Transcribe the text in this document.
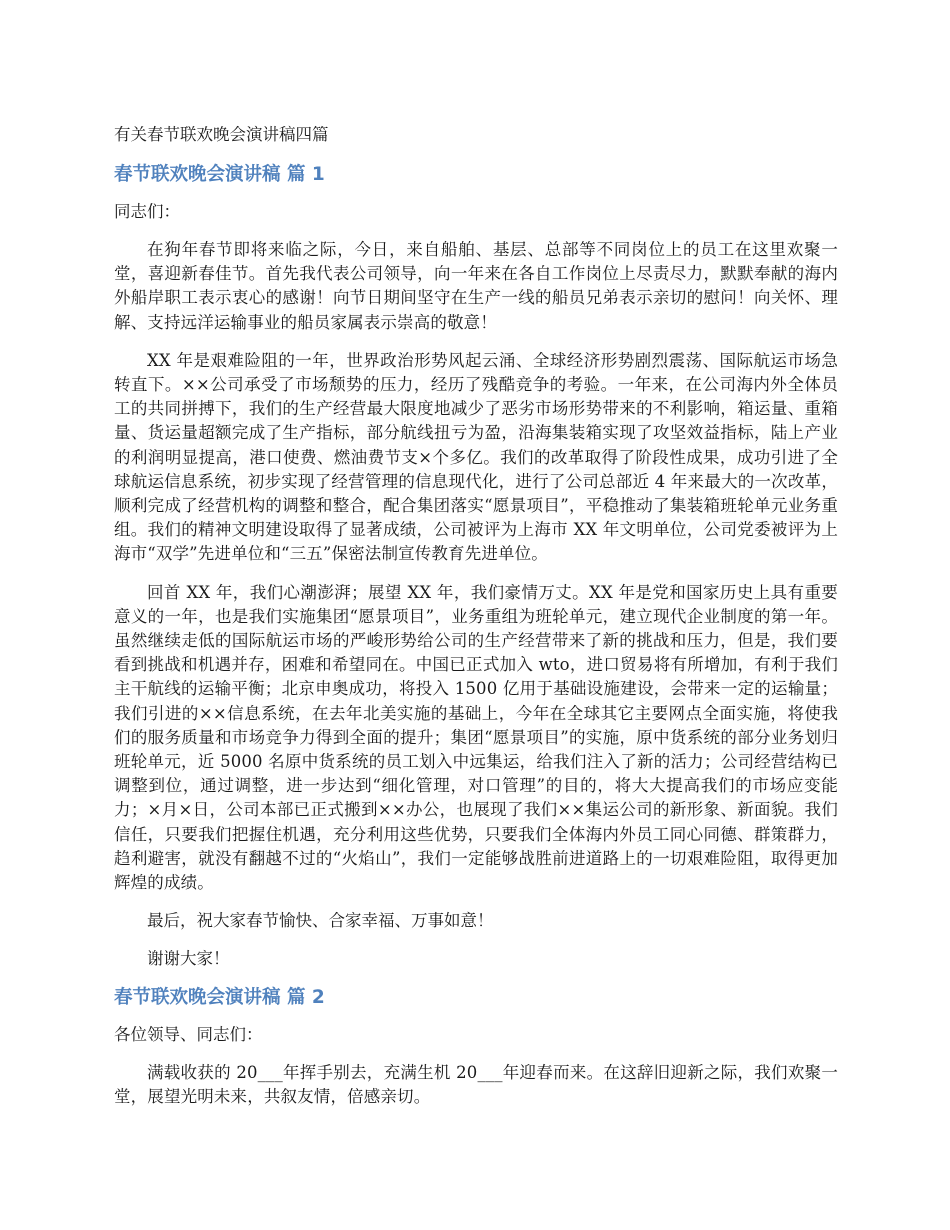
有关春节联欢晚会演讲稿四篇
春节联欢晚会演讲稿 篇 1
同志们：

在狗年春节即将来临之际，今日，来自船舶、基层、总部等不同岗位上的员工在这里欢聚一堂，喜迎新春佳节。首先我代表公司领导，向一年来在各自工作岗位上尽责尽力，默默奉献的海内外船岸职工表示衷心的感谢！向节日期间坚守在生产一线的船员兄弟表示亲切的慰问！向关怀、理解、支持远洋运输事业的船员家属表示崇高的敬意！

XX 年是艰难险阻的一年，世界政治形势风起云涌、全球经济形势剧烈震荡、国际航运市场急转直下。××公司承受了市场颓势的压力，经历了残酷竞争的考验。一年来，在公司海内外全体员工的共同拼搏下，我们的生产经营最大限度地减少了恶劣市场形势带来的不利影响，箱运量、重箱量、货运量超额完成了生产指标，部分航线扭亏为盈，沿海集装箱实现了攻坚效益指标，陆上产业的利润明显提高，港口使费、燃油费节支×个多亿。我们的改革取得了阶段性成果，成功引进了全球航运信息系统，初步实现了经营管理的信息现代化，进行了公司总部近 4 年来最大的一次改革，顺利完成了经营机构的调整和整合，配合集团落实“愿景项目”，平稳推动了集装箱班轮单元业务重组。我们的精神文明建设取得了显著成绩，公司被评为上海市 XX 年文明单位，公司党委被评为上海市“双学”先进单位和“三五”保密法制宣传教育先进单位。

回首 XX 年，我们心潮澎湃；展望 XX 年，我们豪情万丈。XX 年是党和国家历史上具有重要意义的一年，也是我们实施集团“愿景项目”，业务重组为班轮单元，建立现代企业制度的第一年。虽然继续走低的国际航运市场的严峻形势给公司的生产经营带来了新的挑战和压力，但是，我们要看到挑战和机遇并存，困难和希望同在。中国已正式加入 wto，进口贸易将有所增加，有利于我们主干航线的运输平衡；北京申奥成功，将投入 1500 亿用于基础设施建设，会带来一定的运输量；我们引进的××信息系统，在去年北美实施的基础上，今年在全球其它主要网点全面实施，将使我们的服务质量和市场竞争力得到全面的提升；集团“愿景项目”的实施，原中货系统的部分业务划归班轮单元，近 5000 名原中货系统的员工划入中远集运，给我们注入了新的活力；公司经营结构已调整到位，通过调整，进一步达到“细化管理，对口管理”的目的，将大大提高我们的市场应变能力；×月×日，公司本部已正式搬到××办公，也展现了我们××集运公司的新形象、新面貌。我们信任，只要我们把握住机遇，充分利用这些优势，只要我们全体海内外员工同心同德、群策群力，趋利避害，就没有翻越不过的“火焰山”，我们一定能够战胜前进道路上的一切艰难险阻，取得更加辉煌的成绩。

最后，祝大家春节愉快、合家幸福、万事如意！

谢谢大家！

春节联欢晚会演讲稿 篇 2
各位领导、同志们：

满载收获的 20___年挥手别去，充满生机 20___年迎春而来。在这辞旧迎新之际，我们欢聚一堂，展望光明未来，共叙友情，倍感亲切。
